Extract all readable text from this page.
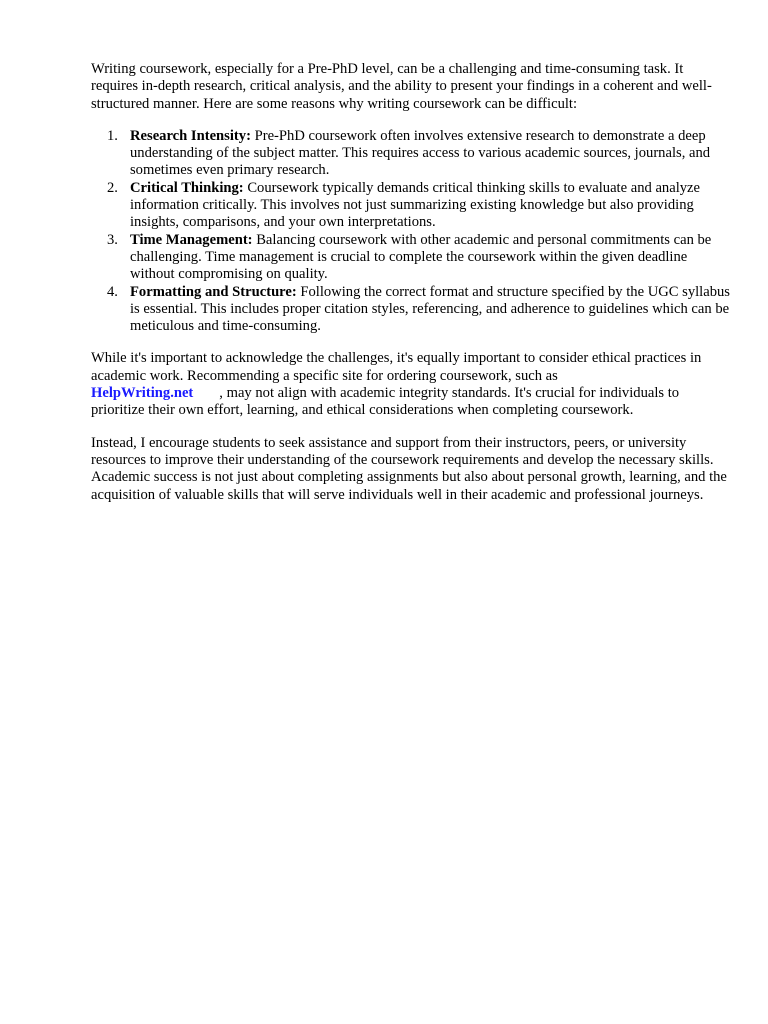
Writing coursework, especially for a Pre-PhD level, can be a challenging and time-consuming task. It requires in-depth research, critical analysis, and the ability to present your findings in a coherent and well-structured manner. Here are some reasons why writing coursework can be difficult:

1. Research Intensity: Pre-PhD coursework often involves extensive research to demonstrate a deep understanding of the subject matter. This requires access to various academic sources, journals, and sometimes even primary research.
2. Critical Thinking: Coursework typically demands critical thinking skills to evaluate and analyze information critically. This involves not just summarizing existing knowledge but also providing insights, comparisons, and your own interpretations.
3. Time Management: Balancing coursework with other academic and personal commitments can be challenging. Time management is crucial to complete the coursework within the given deadline without compromising on quality.
4. Formatting and Structure: Following the correct format and structure specified by the UGC syllabus is essential. This includes proper citation styles, referencing, and adherence to guidelines which can be meticulous and time-consuming.

While it's important to acknowledge the challenges, it's equally important to consider ethical practices in academic work. Recommending a specific site for ordering coursework, such as
HelpWriting.net , may not align with academic integrity standards. It's crucial for individuals to prioritize their own effort, learning, and ethical considerations when completing coursework.

Instead, I encourage students to seek assistance and support from their instructors, peers, or university resources to improve their understanding of the coursework requirements and develop the necessary skills. Academic success is not just about completing assignments but also about personal growth, learning, and the acquisition of valuable skills that will serve individuals well in their academic and professional journeys.
